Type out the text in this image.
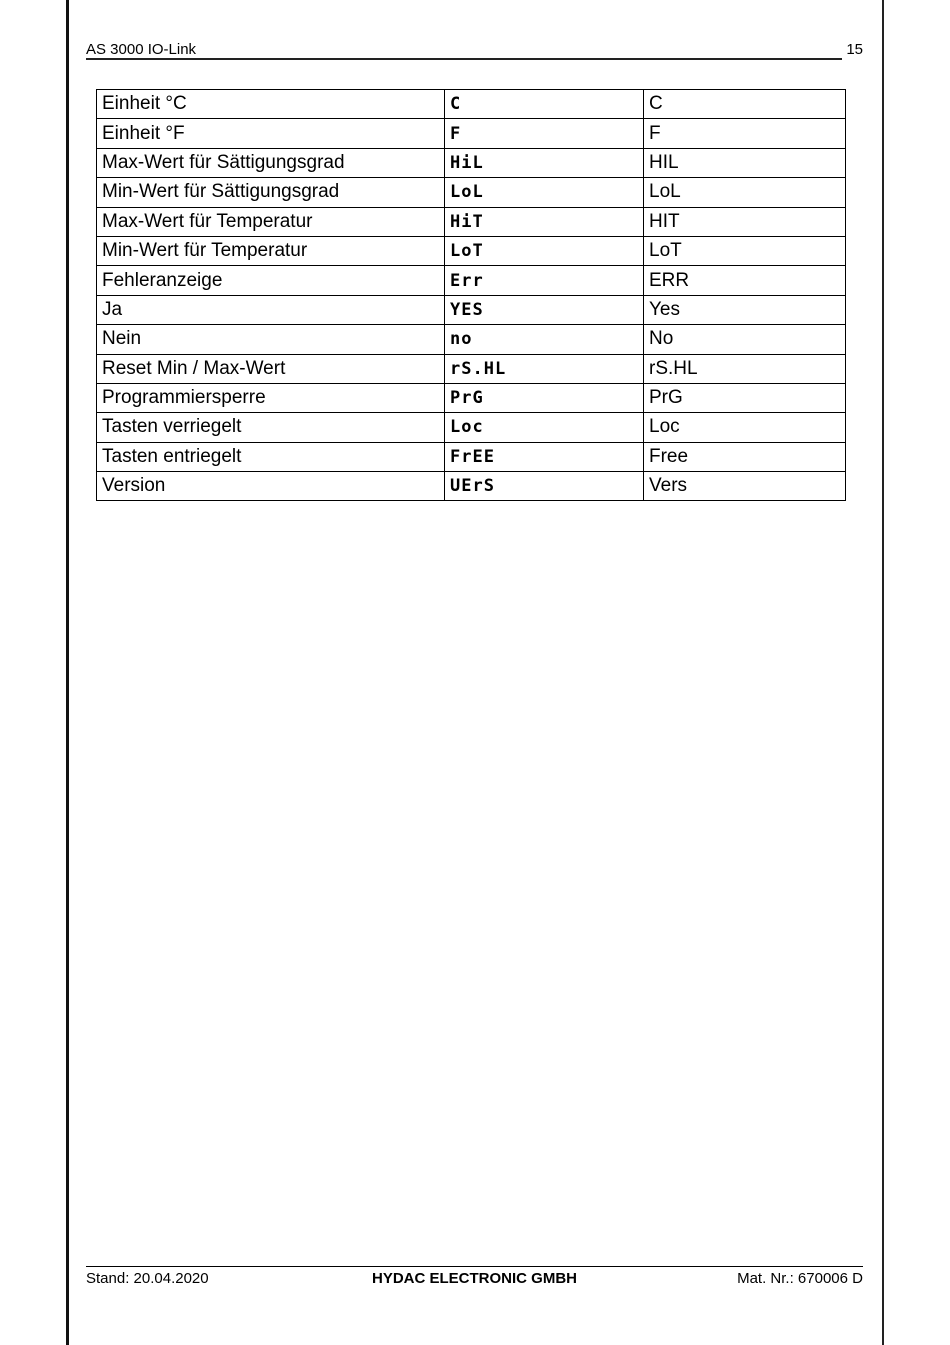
AS 3000 IO-Link	15
Einheit °C	C	C
Einheit °F	F	F
Max-Wert für Sättigungsgrad	HiL	HIL
Min-Wert für Sättigungsgrad	LoL	LoL
Max-Wert für Temperatur	HiT	HIT
Min-Wert für Temperatur	LoT	LoT
Fehleranzeige	Err	ERR
Ja	YES	Yes
Nein	no	No
Reset Min / Max-Wert	rS.HL	rS.HL
Programmiersperre	PrG	PrG
Tasten verriegelt	Loc	Loc
Tasten entriegelt	FrEE	Free
Version	UErS	Vers
Stand: 20.04.2020	HYDAC ELECTRONIC GMBH	Mat. Nr.: 670006 D
